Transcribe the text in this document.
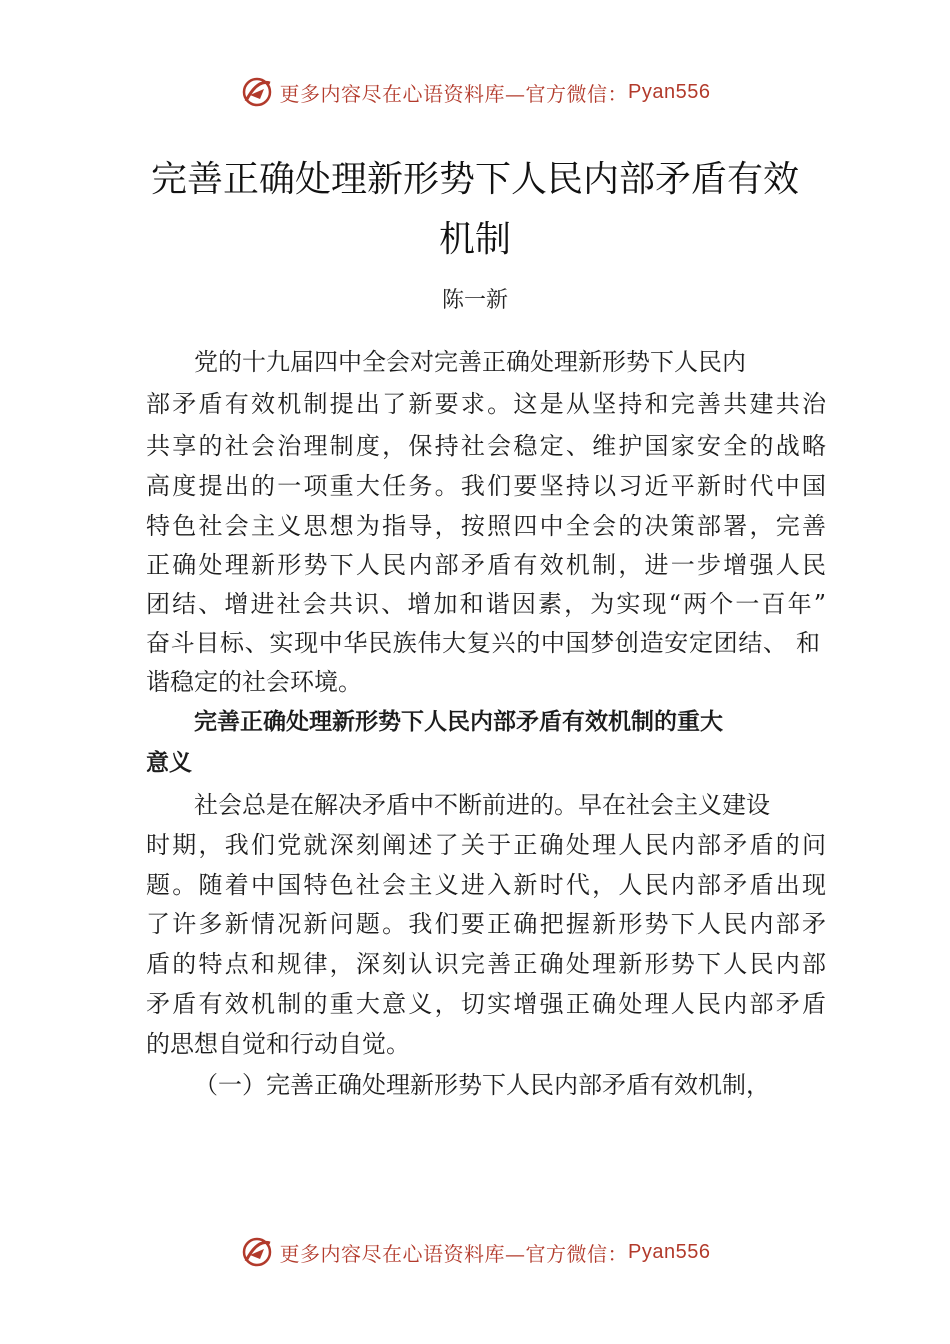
更多内容尽在心语资料库—官方微信： Pyan556
完善正确处理新形势下人民内部矛盾有效
机制
陈一新
党的十九届四中全会对完善正确处理新形势下人民内
部矛盾有效机制提出了新要求。这是从坚持和完善共建共治
共享的社会治理制度，保持社会稳定、维护国家安全的战略
高度提出的一项重大任务。我们要坚持以习近平新时代中国
特色社会主义思想为指导，按照四中全会的决策部署，完善
正确处理新形势下人民内部矛盾有效机制，进一步增强人民
团结、增进社会共识、增加和谐因素，为实现“两个一百年”
奋斗目标、实现中华民族伟大复兴的中国梦创造安定团结、 和
谐稳定的社会环境。
完善正确处理新形势下人民内部矛盾有效机制的重大
意义
社会总是在解决矛盾中不断前进的。早在社会主义建设
时期，我们党就深刻阐述了关于正确处理人民内部矛盾的问
题。随着中国特色社会主义进入新时代，人民内部矛盾出现
了许多新情况新问题。我们要正确把握新形势下人民内部矛
盾的特点和规律，深刻认识完善正确处理新形势下人民内部
矛盾有效机制的重大意义，切实增强正确处理人民内部矛盾
的思想自觉和行动自觉。
（一）完善正确处理新形势下人民内部矛盾有效机制，
更多内容尽在心语资料库—官方微信： Pyan556
